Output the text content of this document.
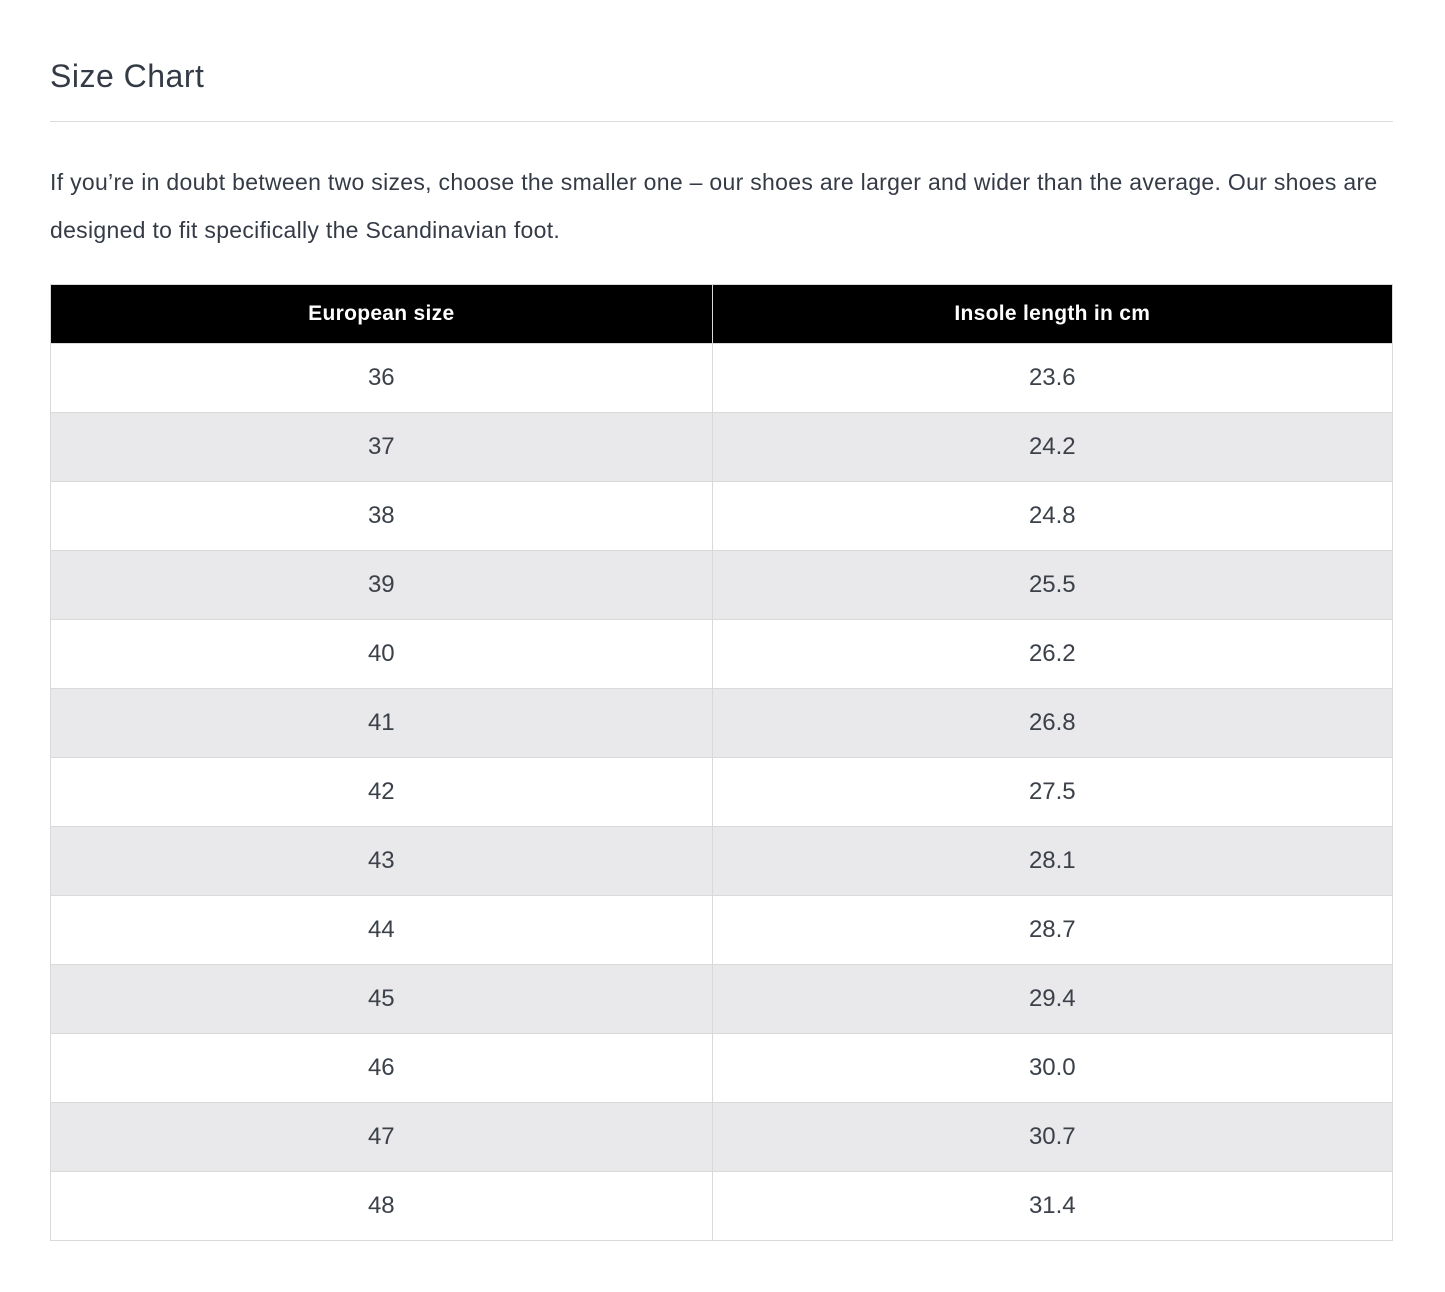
Size Chart

If you’re in doubt between two sizes, choose the smaller one – our shoes are larger and wider than the average. Our shoes are designed to fit specifically the Scandinavian foot.

European size	Insole length in cm
36	23.6
37	24.2
38	24.8
39	25.5
40	26.2
41	26.8
42	27.5
43	28.1
44	28.7
45	29.4
46	30.0
47	30.7
48	31.4
